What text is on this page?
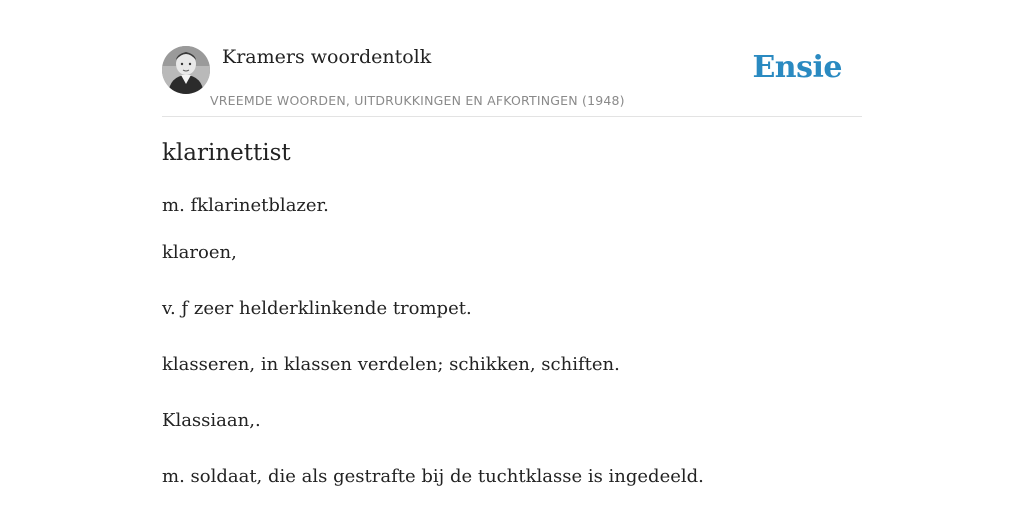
Kramers woordentolk
VREEMDE WOORDEN, UITDRUKKINGEN EN AFKORTINGEN (1948)
Ensie
klarinettist

m. fklarinetblazer.

klaroen,

v. ƒ zeer helderklinkende trompet.

klasseren, in klassen verdelen; schikken, schiften.

Klassiaan,.

m. soldaat, die als gestrafte bij de tuchtklasse is ingedeeld.
